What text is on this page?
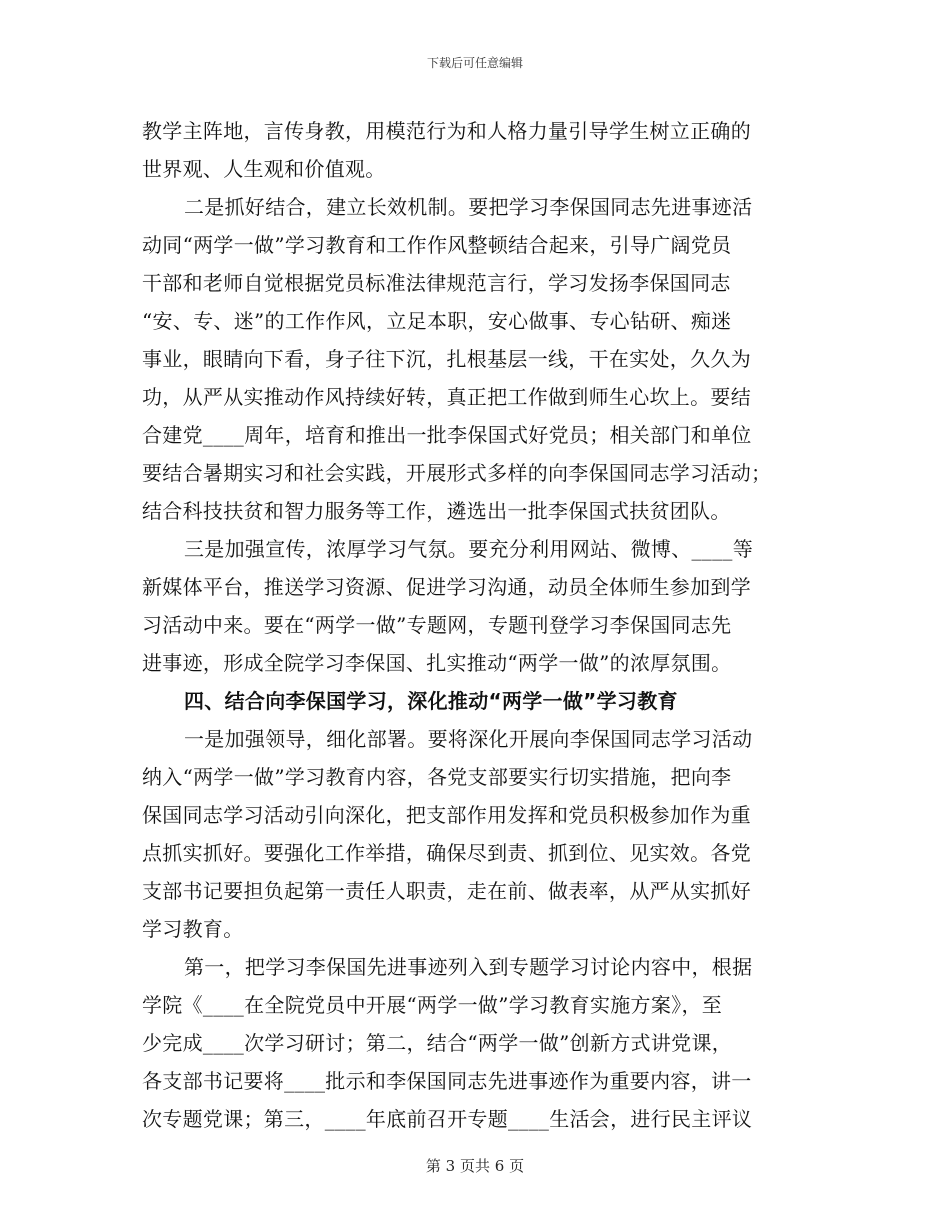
下载后可任意编辑
教学主阵地，言传身教，用模范行为和人格力量引导学生树立正确的
世界观、人生观和价值观。
二是抓好结合，建立长效机制。要把学习李保国同志先进事迹活
动同“两学一做”学习教育和工作作风整顿结合起来，引导广阔党员
干部和老师自觉根据党员标准法律规范言行，学习发扬李保国同志
“安、专、迷”的工作作风，立足本职，安心做事、专心钻研、痴迷
事业，眼睛向下看，身子往下沉，扎根基层一线，干在实处，久久为
功，从严从实推动作风持续好转，真正把工作做到师生心坎上。要结
合建党____周年，培育和推出一批李保国式好党员；相关部门和单位
要结合暑期实习和社会实践，开展形式多样的向李保国同志学习活动；
结合科技扶贫和智力服务等工作，遴选出一批李保国式扶贫团队。
三是加强宣传，浓厚学习气氛。要充分利用网站、微博、____等
新媒体平台，推送学习资源、促进学习沟通，动员全体师生参加到学
习活动中来。要在“两学一做”专题网，专题刊登学习李保国同志先
进事迹，形成全院学习李保国、扎实推动“两学一做”的浓厚氛围。
四、结合向李保国学习，深化推动“两学一做”学习教育
一是加强领导，细化部署。要将深化开展向李保国同志学习活动
纳入“两学一做”学习教育内容，各党支部要实行切实措施，把向李
保国同志学习活动引向深化，把支部作用发挥和党员积极参加作为重
点抓实抓好。要强化工作举措，确保尽到责、抓到位、见实效。各党
支部书记要担负起第一责任人职责，走在前、做表率，从严从实抓好
学习教育。
第一，把学习李保国先进事迹列入到专题学习讨论内容中，根据
学院《____在全院党员中开展“两学一做”学习教育实施方案》，至
少完成____次学习研讨；第二，结合“两学一做”创新方式讲党课，
各支部书记要将____批示和李保国同志先进事迹作为重要内容，讲一
次专题党课；第三，____年底前召开专题____生活会，进行民主评议
第 3 页共 6 页
